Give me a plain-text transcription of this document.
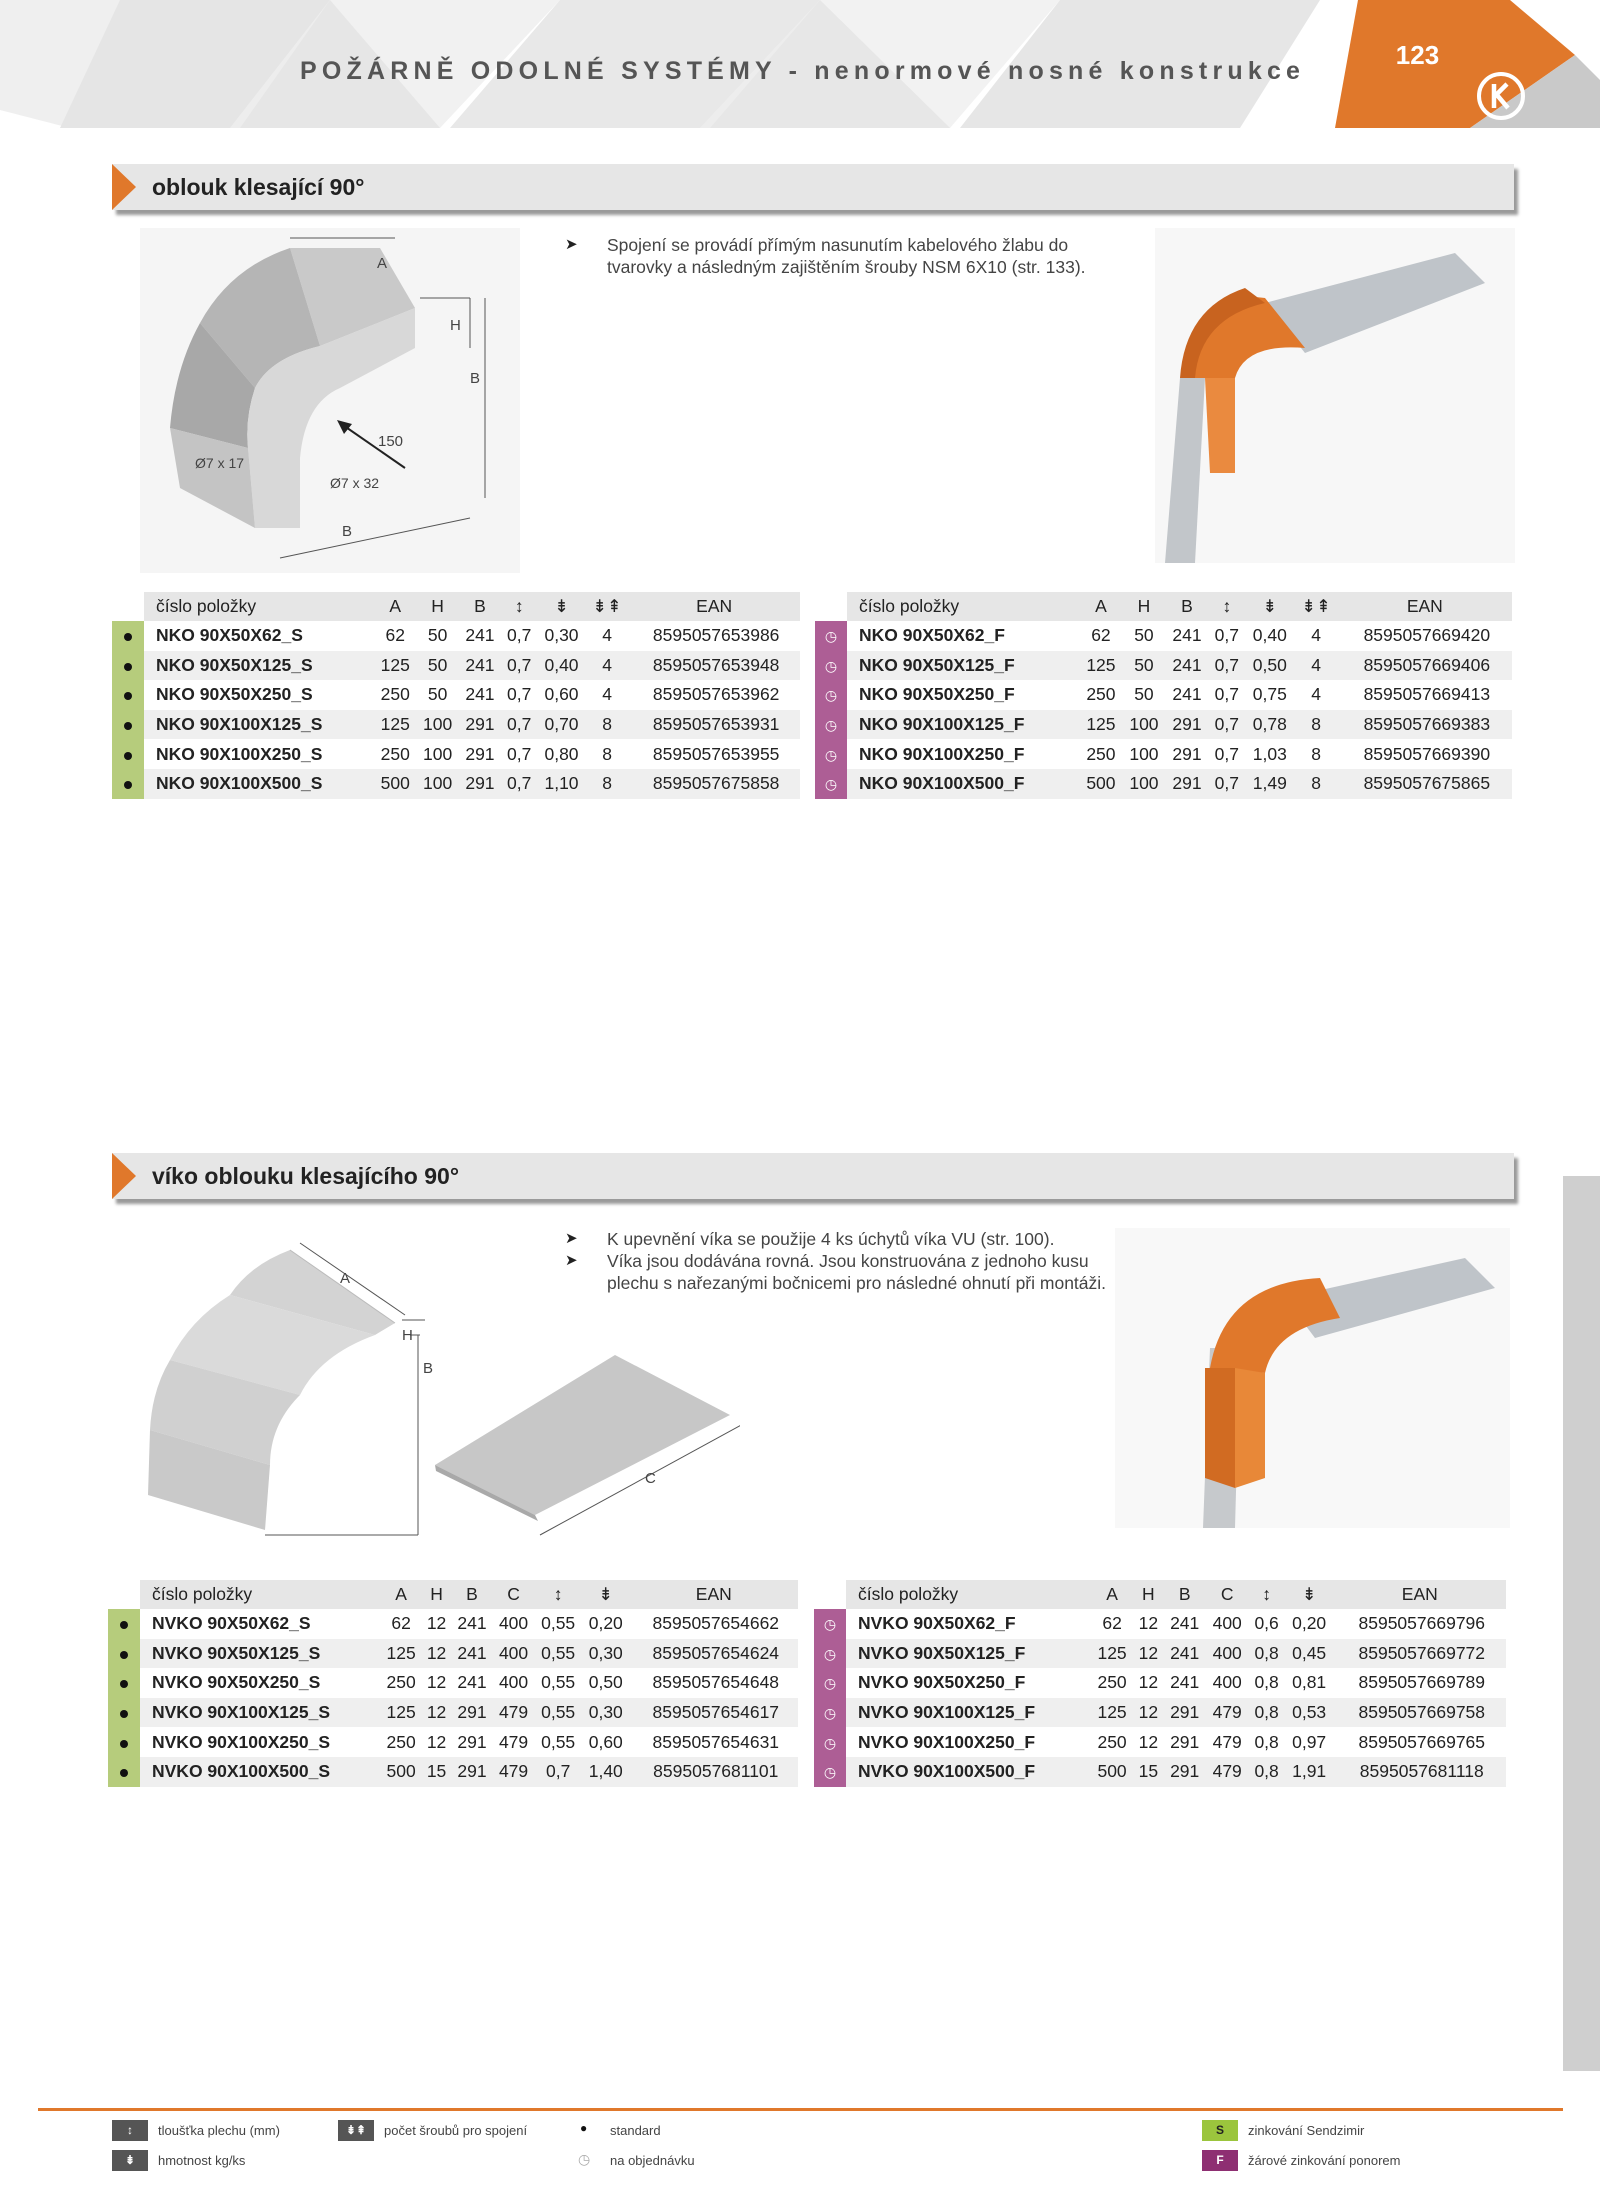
POŽÁRNĚ ODOLNÉ SYSTÉMY - nenormové nosné konstrukce
123
oblouk klesající 90°
A
H
B
B
150
Ø7 x 17
Ø7 x 32
➤ Spojení se provádí přímým nasunutím kabelového žlabu do tvarovky a následným zajištěním šrouby NSM 6X10 (str. 133).
	číslo položky	A	H	B	↕	⇟	⇟⇞	EAN
	NKO 90X50X62_S	62	50	241	0,7	0,30	4	8595057653986
	NKO 90X50X125_S	125	50	241	0,7	0,40	4	8595057653948
	NKO 90X50X250_S	250	50	241	0,7	0,60	4	8595057653962
	NKO 90X100X125_S	125	100	291	0,7	0,70	8	8595057653931
	NKO 90X100X250_S	250	100	291	0,7	0,80	8	8595057653955
	NKO 90X100X500_S	500	100	291	0,7	1,10	8	8595057675858
	číslo položky	A	H	B	↕	⇟	⇟⇞	EAN
◷	NKO 90X50X62_F	62	50	241	0,7	0,40	4	8595057669420
◷	NKO 90X50X125_F	125	50	241	0,7	0,50	4	8595057669406
◷	NKO 90X50X250_F	250	50	241	0,7	0,75	4	8595057669413
◷	NKO 90X100X125_F	125	100	291	0,7	0,78	8	8595057669383
◷	NKO 90X100X250_F	250	100	291	0,7	1,03	8	8595057669390
◷	NKO 90X100X500_F	500	100	291	0,7	1,49	8	8595057675865
víko oblouku klesajícího 90°
A
H
B
C
➤ K upevnění víka se použije 4 ks úchytů víka VU (str. 100).
➤ Víka jsou dodávána rovná. Jsou konstruována z jednoho kusu plechu s nařezanými bočnicemi pro následné ohnutí při montáži.
	číslo položky	A	H	B	C	↕	⇟	EAN
	NVKO 90X50X62_S	62	12	241	400	0,55	0,20	8595057654662
	NVKO 90X50X125_S	125	12	241	400	0,55	0,30	8595057654624
	NVKO 90X50X250_S	250	12	241	400	0,55	0,50	8595057654648
	NVKO 90X100X125_S	125	12	291	479	0,55	0,30	8595057654617
	NVKO 90X100X250_S	250	12	291	479	0,55	0,60	8595057654631
	NVKO 90X100X500_S	500	15	291	479	0,7	1,40	8595057681101
	číslo položky	A	H	B	C	↕	⇟	EAN
◷	NVKO 90X50X62_F	62	12	241	400	0,6	0,20	8595057669796
◷	NVKO 90X50X125_F	125	12	241	400	0,8	0,45	8595057669772
◷	NVKO 90X50X250_F	250	12	241	400	0,8	0,81	8595057669789
◷	NVKO 90X100X125_F	125	12	291	479	0,8	0,53	8595057669758
◷	NVKO 90X100X250_F	250	12	291	479	0,8	0,97	8595057669765
◷	NVKO 90X100X500_F	500	15	291	479	0,8	1,91	8595057681118
↕	tloušťka plechu (mm)	⇟⇞	počet šroubů pro spojení	● standard
⇟	hmotnost kg/ks	◷ na objednávku
S	zinkování Sendzimir
F	žárové zinkování ponorem
